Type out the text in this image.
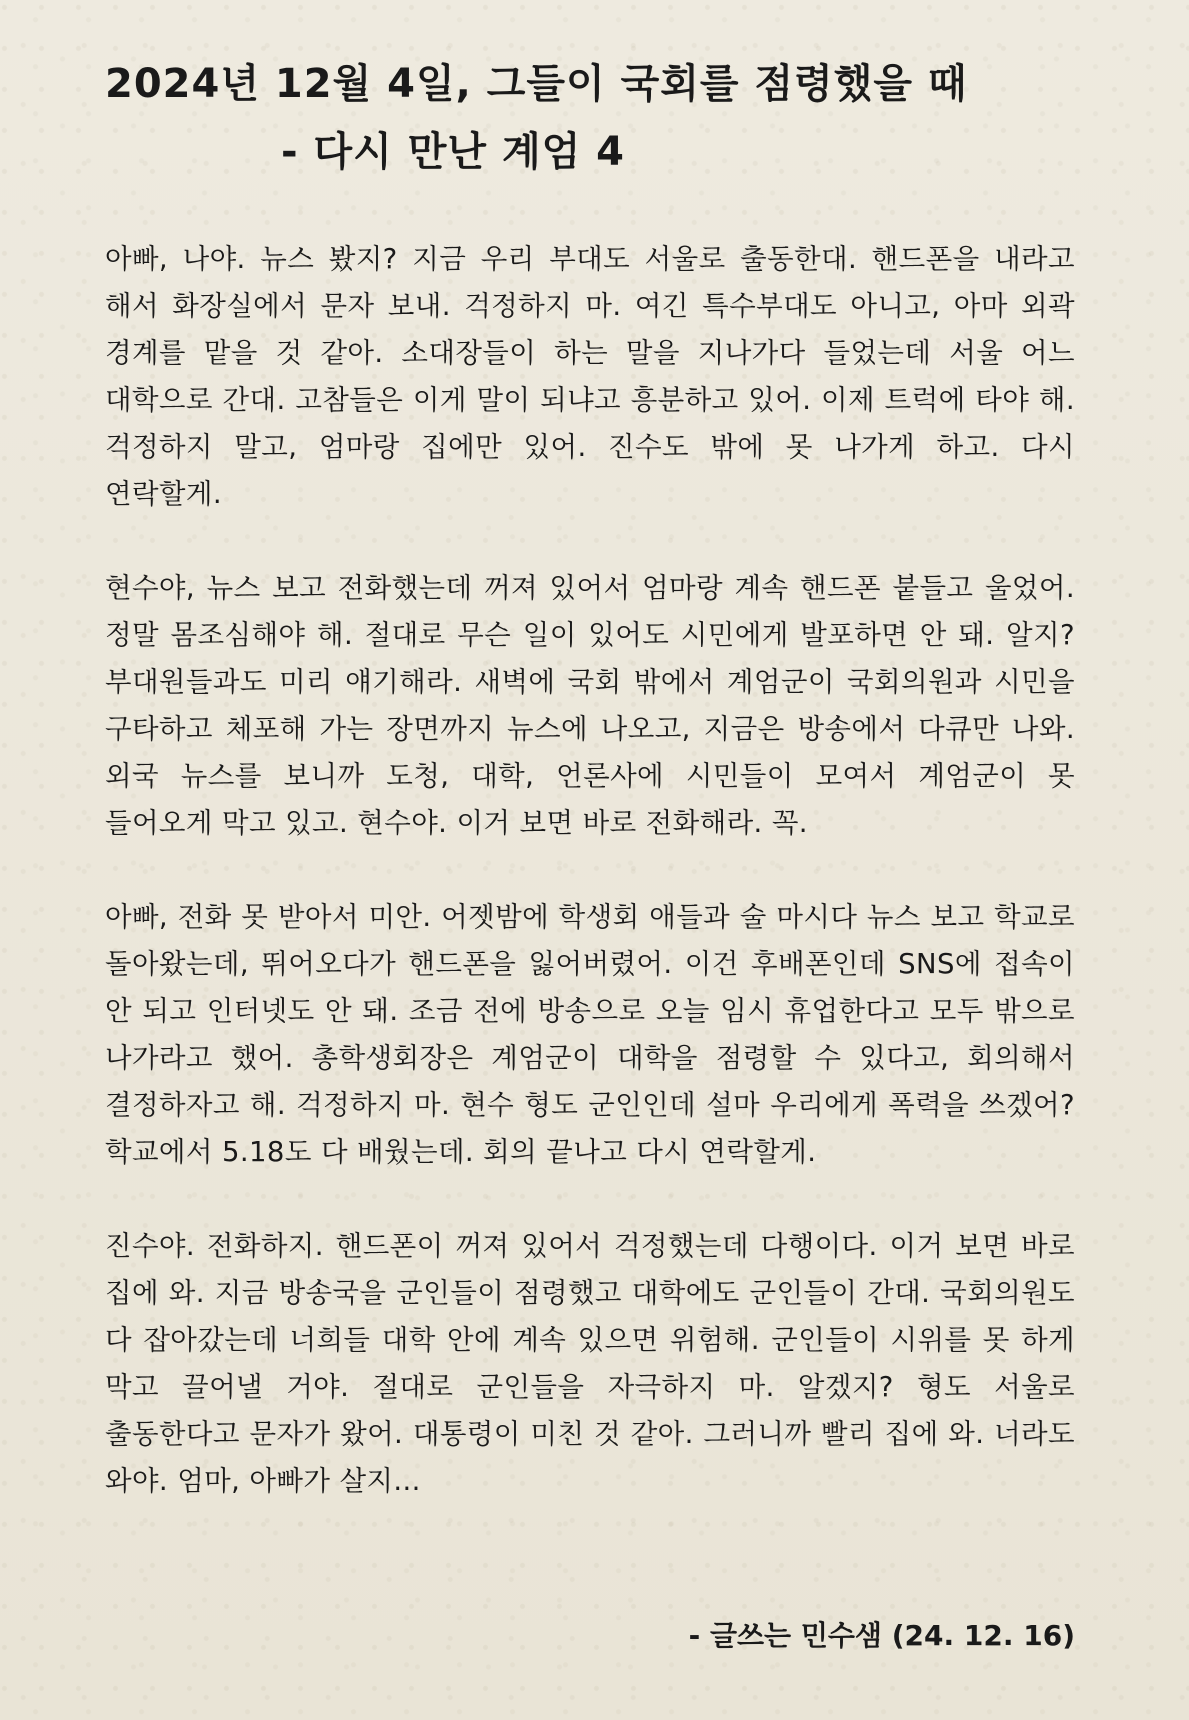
2024년 12월 4일, 그들이 국회를 점령했을 때
- 다시 만난 계엄 4

아빠, 나야. 뉴스 봤지? 지금 우리 부대도 서울로 출동한대. 핸드폰을 내라고 해서 화장실에서 문자 보내. 걱정하지 마. 여긴 특수부대도 아니고, 아마 외곽 경계를 맡을 것 같아. 소대장들이 하는 말을 지나가다 들었는데 서울 어느 대학으로 간대. 고참들은 이게 말이 되냐고 흥분하고 있어. 이제 트럭에 타야 해. 걱정하지 말고, 엄마랑 집에만 있어. 진수도 밖에 못 나가게 하고. 다시 연락할게.

현수야, 뉴스 보고 전화했는데 꺼져 있어서 엄마랑 계속 핸드폰 붙들고 울었어. 정말 몸조심해야 해. 절대로 무슨 일이 있어도 시민에게 발포하면 안 돼. 알지? 부대원들과도 미리 얘기해라. 새벽에 국회 밖에서 계엄군이 국회의원과 시민을 구타하고 체포해 가는 장면까지 뉴스에 나오고, 지금은 방송에서 다큐만 나와. 외국 뉴스를 보니까 도청, 대학, 언론사에 시민들이 모여서 계엄군이 못 들어오게 막고 있고. 현수야. 이거 보면 바로 전화해라. 꼭.

아빠, 전화 못 받아서 미안. 어젯밤에 학생회 애들과 술 마시다 뉴스 보고 학교로 돌아왔는데, 뛰어오다가 핸드폰을 잃어버렸어. 이건 후배폰인데 SNS에 접속이 안 되고 인터넷도 안 돼. 조금 전에 방송으로 오늘 임시 휴업한다고 모두 밖으로 나가라고 했어. 총학생회장은 계엄군이 대학을 점령할 수 있다고, 회의해서 결정하자고 해. 걱정하지 마. 현수 형도 군인인데 설마 우리에게 폭력을 쓰겠어? 학교에서 5.18도 다 배웠는데. 회의 끝나고 다시 연락할게.

진수야. 전화하지. 핸드폰이 꺼져 있어서 걱정했는데 다행이다. 이거 보면 바로 집에 와. 지금 방송국을 군인들이 점령했고 대학에도 군인들이 간대. 국회의원도 다 잡아갔는데 너희들 대학 안에 계속 있으면 위험해. 군인들이 시위를 못 하게 막고 끌어낼 거야. 절대로 군인들을 자극하지 마. 알겠지? 형도 서울로 출동한다고 문자가 왔어. 대통령이 미친 것 같아. 그러니까 빨리 집에 와. 너라도 와야. 엄마, 아빠가 살지...

- 글쓰는 민수샘 (24. 12. 16)
